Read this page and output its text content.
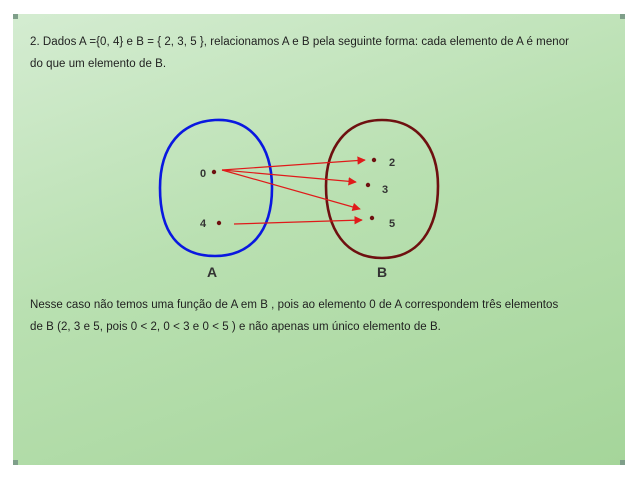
2. Dados A ={0, 4} e B = { 2, 3, 5 }, relacionamos A e B pela seguinte forma: cada elemento de A é menor
do que um elemento de B.

0
4
2
3
5
A	B

Nesse caso não temos uma função de A em B , pois ao elemento 0 de A correspondem três elementos
de B (2, 3 e 5, pois 0 < 2, 0 < 3 e 0 < 5 ) e não apenas um único elemento de B.
